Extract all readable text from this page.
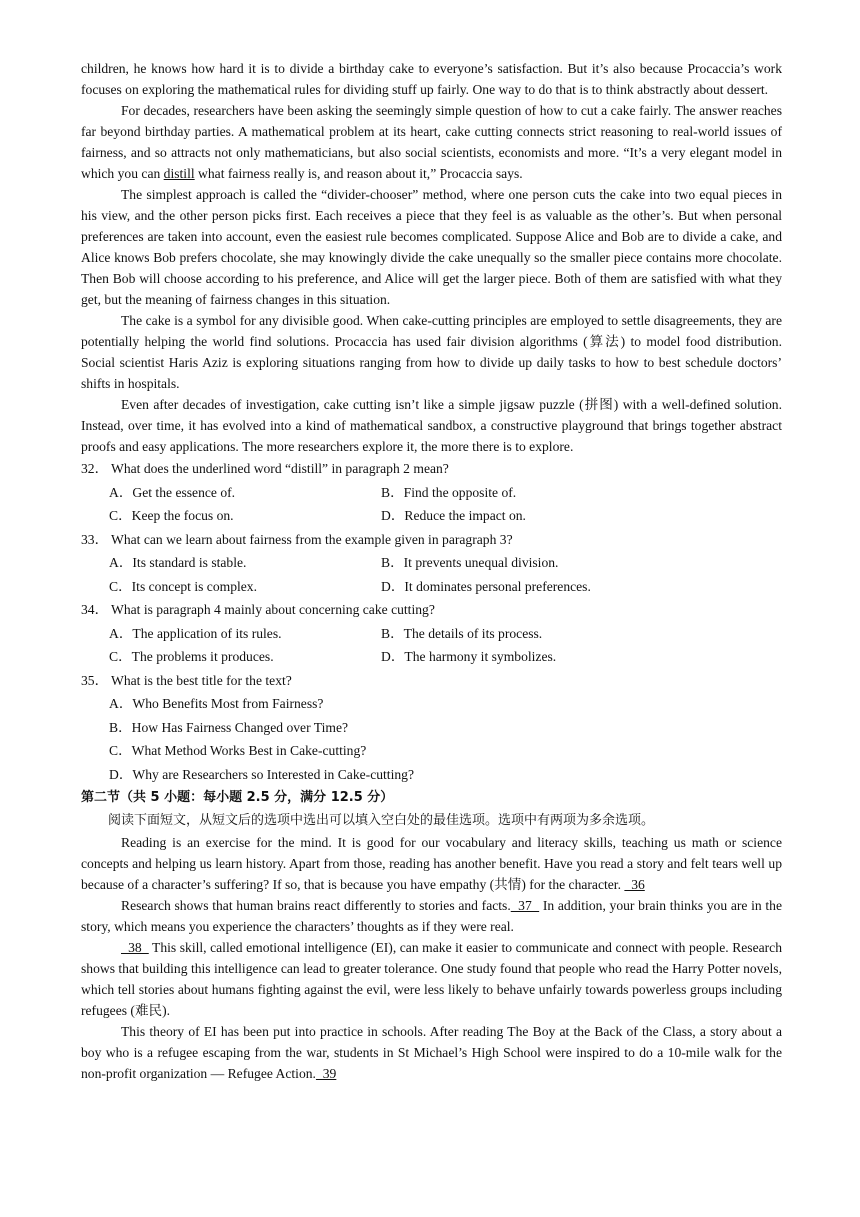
children, he knows how hard it is to divide a birthday cake to everyone’s satisfaction. But it’s also because Procaccia’s work focuses on exploring the mathematical rules for dividing stuff up fairly. One way to do that is to think abstractly about dessert.

For decades, researchers have been asking the seemingly simple question of how to cut a cake fairly. The answer reaches far beyond birthday parties. A mathematical problem at its heart, cake cutting connects strict reasoning to real-world issues of fairness, and so attracts not only mathematicians, but also social scientists, economists and more. “It’s a very elegant model in which you can distill what fairness really is, and reason about it,” Procaccia says.

The simplest approach is called the “divider-chooser” method, where one person cuts the cake into two equal pieces in his view, and the other person picks first. Each receives a piece that they feel is as valuable as the other’s. But when personal preferences are taken into account, even the easiest rule becomes complicated. Suppose Alice and Bob are to divide a cake, and Alice knows Bob prefers chocolate, she may knowingly divide the cake unequally so the smaller piece contains more chocolate. Then Bob will choose according to his preference, and Alice will get the larger piece. Both of them are satisfied with what they get, but the meaning of fairness changes in this situation.

The cake is a symbol for any divisible good. When cake-cutting principles are employed to settle disagreements, they are potentially helping the world find solutions. Procaccia has used fair division algorithms (算法) to model food distribution. Social scientist Haris Aziz is exploring situations ranging from how to divide up daily tasks to how to best schedule doctors’ shifts in hospitals.

Even after decades of investigation, cake cutting isn’t like a simple jigsaw puzzle (拼图) with a well-defined solution. Instead, over time, it has evolved into a kind of mathematical sandbox, a constructive playground that brings together abstract proofs and easy applications. The more researchers explore it, the more there is to explore.

32． What does the underlined word “distill” in paragraph 2 mean?
A．Get the essence of.	B．Find the opposite of.
C．Keep the focus on.	D．Reduce the impact on.
33． What can we learn about fairness from the example given in paragraph 3?
A．Its standard is stable.	B．It prevents unequal division.
C．Its concept is complex.	D．It dominates personal preferences.
34． What is paragraph 4 mainly about concerning cake cutting?
A．The application of its rules.	B．The details of its process.
C．The problems it produces.	D．The harmony it symbolizes.
35． What is the best title for the text?
A．Who Benefits Most from Fairness?
B．How Has Fairness Changed over Time?
C．What Method Works Best in Cake-cutting?
D．Why are Researchers so Interested in Cake-cutting?
第二节（共 5 小题：每小题 2.5 分，满分 12.5 分）
阅读下面短文，从短文后的选项中选出可以填入空白处的最佳选项。选项中有两项为多余选项。

Reading is an exercise for the mind. It is good for our vocabulary and literacy skills, teaching us math or science concepts and helping us learn history. Apart from those, reading has another benefit. Have you read a story and felt tears well up because of a character’s suffering? If so, that is because you have empathy (共情) for the character.   36

Research shows that human brains react differently to stories and facts.  37   In addition, your brain thinks you are in the story, which means you experience the characters’ thoughts as if they were real.

38   This skill, called emotional intelligence (EI), can make it easier to communicate and connect with people. Research shows that building this intelligence can lead to greater tolerance. One study found that people who read the Harry Potter novels, which tell stories about humans fighting against the evil, were less likely to behave unfairly towards powerless groups including refugees (难民).

This theory of EI has been put into practice in schools. After reading The Boy at the Back of the Class, a story about a boy who is a refugee escaping from the war, students in St Michael’s High School were inspired to do a 10-mile walk for the non-profit organization — Refugee Action.  39
